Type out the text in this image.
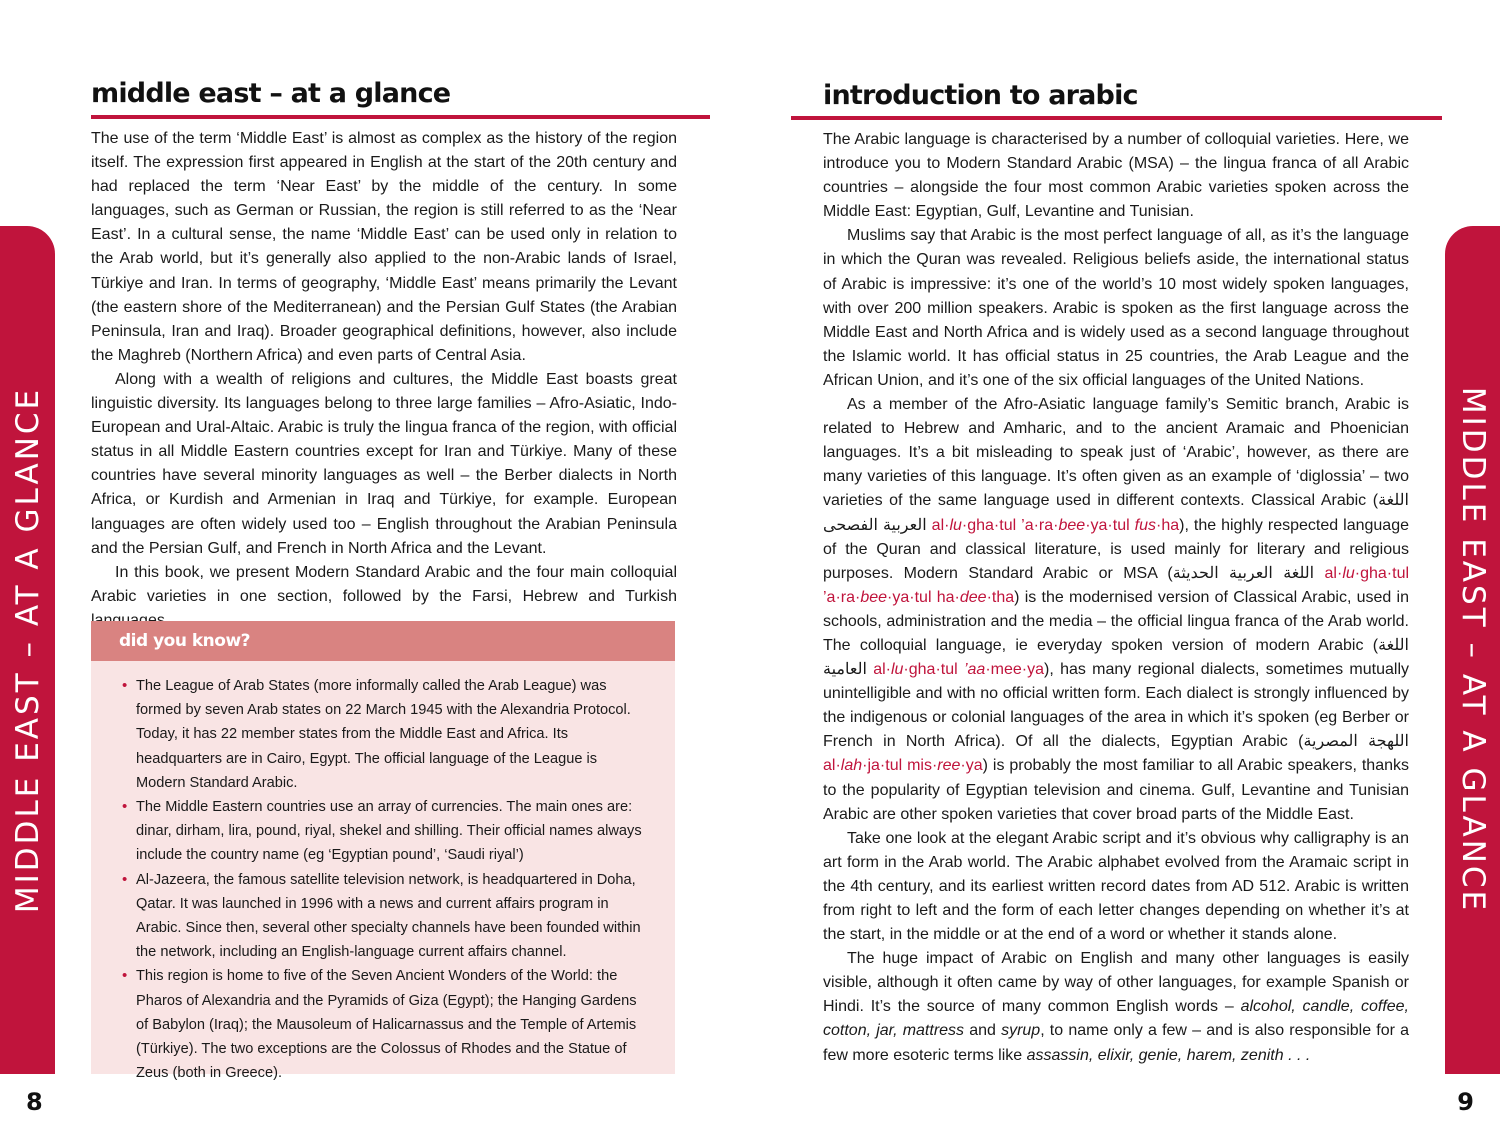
middle east – at a glance

The use of the term ‘Middle East’ is almost as complex as the history of the region itself. The expression first appeared in English at the start of the 20th century and had replaced the term ‘Near East’ by the middle of the century. In some languages, such as German or Russian, the region is still referred to as the ‘Near East’. In a cultural sense, the name ‘Middle East’ can be used only in relation to the Arab world, but it’s generally also applied to the non-Arabic lands of Israel, Türkiye and Iran. In terms of geography, ‘Middle East’ means primarily the Levant (the eastern shore of the Mediterranean) and the Persian Gulf States (the Arabian Peninsula, Iran and Iraq). Broader geographical definitions, however, also include the Maghreb (Northern Africa) and even parts of Central Asia.

Along with a wealth of religions and cultures, the Middle East boasts great linguistic diversity. Its languages belong to three large families – Afro-Asiatic, Indo-European and Ural-Altaic. Arabic is truly the lingua franca of the region, with official status in all Middle Eastern countries except for Iran and Türkiye. Many of these countries have several minority languages as well – the Berber dialects in North Africa, or Kurdish and Armenian in Iraq and Türkiye, for example. European languages are often widely used too – English throughout the Arabian Peninsula and the Persian Gulf, and French in North Africa and the Levant.

In this book, we present Modern Standard Arabic and the four main colloquial Arabic varieties in one section, followed by the Farsi, Hebrew and Turkish

did you know?
• The League of Arab States (more informally called the Arab League) was formed by seven Arab states on 22 March 1945 with the Alexandria Protocol. Today, it has 22 member states from the Middle East and Africa. Its headquarters are in Cairo, Egypt. The official language of the League is Modern Standard Arabic.
• The Middle Eastern countries use an array of currencies. The main ones are: dinar, dirham, lira, pound, riyal, shekel and shilling. Their official names always include the country name (eg ‘Egyptian pound’, ‘Saudi riyal’)
• Al-Jazeera, the famous satellite television network, is headquartered in Doha, Qatar. It was launched in 1996 with a news and current affairs program in Arabic. Since then, several other specialty channels have been founded within the network, including an English-language current affairs channel.
• This region is home to five of the Seven Ancient Wonders of the World: the Pharos of Alexandria and the Pyramids of Giza (Egypt); the Hanging Gardens of Babylon (Iraq); the Mausoleum of Halicarnassus and the Temple of Artemis (Türkiye). The two exceptions are the Colossus of Rhodes and the Statue of Zeus (both in Greece).
MIDDLE EAST – AT A GLANCE
8
introduction to arabic

The Arabic language is characterised by a number of colloquial varieties. Here, we introduce you to Modern Standard Arabic (MSA) – the lingua franca of all Arabic countries – alongside the four most common Arabic varieties spoken across the Middle East: Egyptian, Gulf, Levantine and Tunisian.

Muslims say that Arabic is the most perfect language of all, as it’s the language in which the Quran was revealed. Religious beliefs aside, the international status of Arabic is impressive: it’s one of the world’s 10 most widely spoken languages, with over 200 million speakers. Arabic is spoken as the first language across the Middle East and North Africa and is widely used as a second language throughout the Islamic world. It has official status in 25 countries, the Arab League and the African Union, and it’s one of the six official languages of the United Nations.

As a member of the Afro-Asiatic language family’s Semitic branch, Arabic is related to Hebrew and Amharic, and to the ancient Aramaic and Phoenician languages. It’s a bit misleading to speak just of ‘Arabic’, however, as there are many varieties of this language. It’s often given as an example of ‘diglossia’ – two varieties of the same language used in different contexts. Classical Arabic (اللغة العربية الفصحى al·lu·gha·tul ’a·ra·bee·ya·tul fus·ha), the highly respected language of the Quran and classical literature, is used mainly for literary and religious purposes. Modern Standard Arabic or MSA (اللغة العربية الحديثة al·lu·gha·tul ’a·ra·bee·ya·tul ha·dee·tha) is the modernised version of Classical Arabic, used in schools, administration and the media – the official lingua franca of the Arab world. The colloquial language, ie everyday spoken version of modern Arabic (اللغة العامية al·lu·gha·tul ’aa·mee·ya), has many regional dialects, sometimes mutually unintelligible and with no official written form. Each dialect is strongly influenced by the indigenous or colonial languages of the area in which it’s spoken (eg Berber or French in North Africa). Of all the dialects, Egyptian Arabic (اللهجة المصرية al·lah·ja·tul mis·ree·ya) is probably the most familiar to all Arabic speakers, thanks to the popularity of Egyptian television and cinema. Gulf, Levantine and Tunisian Arabic are other spoken varieties that cover broad parts of the Middle East.

Take one look at the elegant Arabic script and it’s obvious why calligraphy is an art form in the Arab world. The Arabic alphabet evolved from the Aramaic script in the 4th century, and its earliest written record dates from AD 512. Arabic is written from right to left and the form of each letter changes depending on whether it’s at the start, in the middle or at the end of a word or whether it stands alone.

The huge impact of Arabic on English and many other languages is easily visible, although it often came by way of other languages, for example Spanish or Hindi. It’s the source of many common English words – alcohol, candle, coffee, cotton, jar, mattress and syrup, to name only a few – and is also responsible for a few more esoteric terms like assassin, elixir, genie, harem, zenith . . .

MIDDLE EAST – AT A GLANCE
9
